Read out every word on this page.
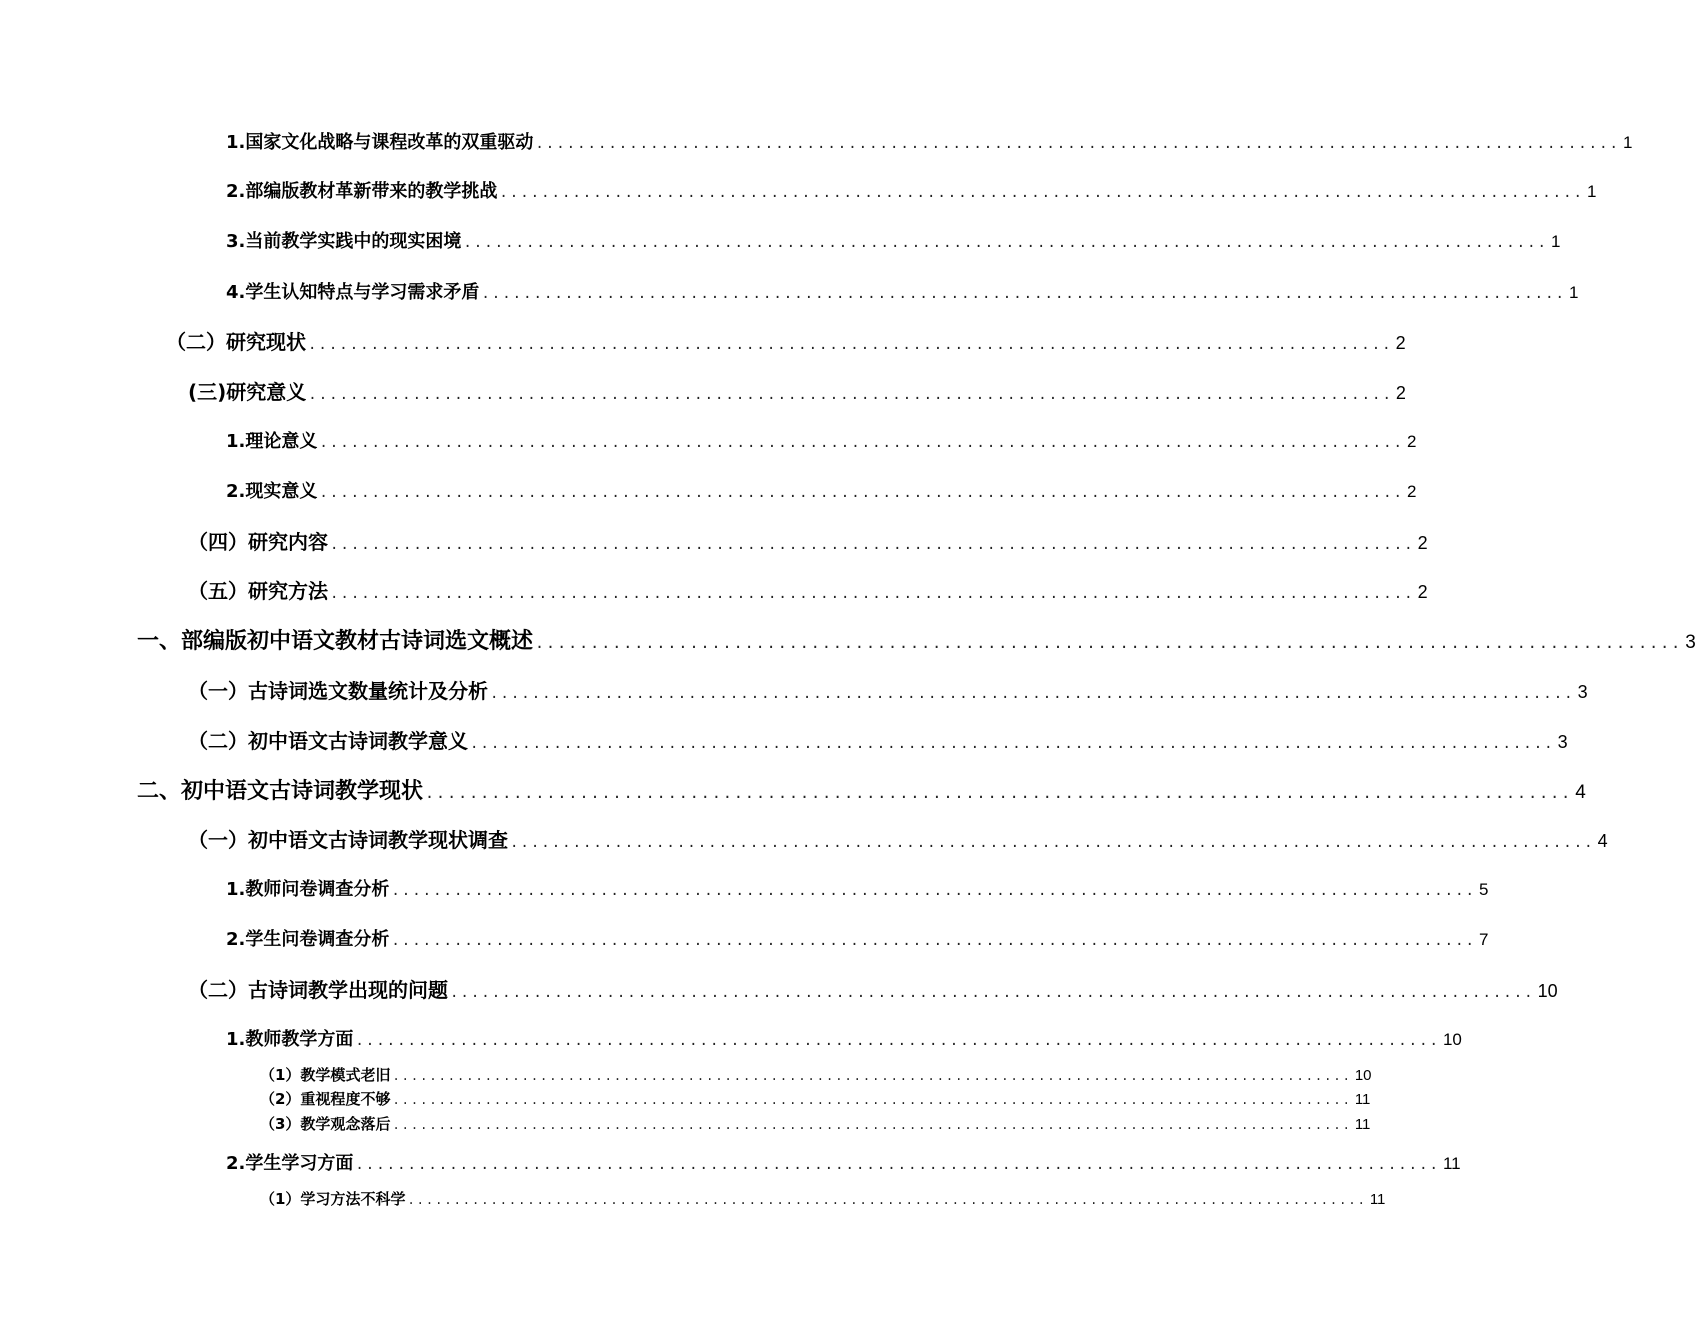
1.国家文化战略与课程改革的双重驱动 ........................................................................................................ 1
2.部编版教材革新带来的教学挑战 ........................................................................................................ 1
3.当前教学实践中的现实困境 ........................................................................................................ 1
4.学生认知特点与学习需求矛盾 ........................................................................................................ 1
（二）研究现状 ........................................................................................................ 2
(三)研究意义 ........................................................................................................ 2
1.理论意义 ........................................................................................................ 2
2.现实意义 ........................................................................................................ 2
（四）研究内容 ........................................................................................................ 2
（五）研究方法 ........................................................................................................ 2
一、部编版初中语文教材古诗词选文概述 ........................................................................................................ 3
（一）古诗词选文数量统计及分析 ........................................................................................................ 3
（二）初中语文古诗词教学意义 ........................................................................................................ 3
二、初中语文古诗词教学现状 ........................................................................................................ 4
（一）初中语文古诗词教学现状调查 ........................................................................................................ 4
1.教师问卷调查分析 ........................................................................................................ 5
2.学生问卷调查分析 ........................................................................................................ 7
（二）古诗词教学出现的问题 ........................................................................................................ 10
1.教师教学方面 ........................................................................................................ 10
（1）教学模式老旧 ........................................................................................................ 10
（2）重视程度不够 ........................................................................................................ 11
（3）教学观念落后 ........................................................................................................ 11
2.学生学习方面 ........................................................................................................ 11
（1）学习方法不科学 ........................................................................................................ 11
